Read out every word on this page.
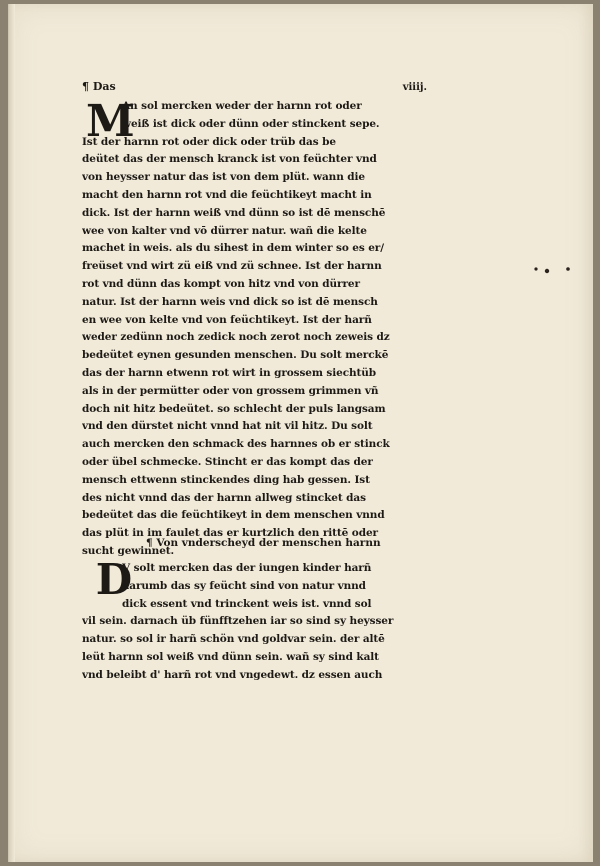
¶ Das	viiij.
M
An sol mercken weder der harnn rot oder
weiß ist dick oder dünn oder stinckent sepe.
Ist der harnn rot oder dick oder trüb das be
deütet das der mensch kranck ist von feüchter vnd
von heysser natur das ist von dem plüt. wann die
macht den harnn rot vnd die feüchtikeyt macht in
dick. Ist der harnn weiß vnd dünn so ist dē menschē
wee von kalter vnd vō dürrer natur. wañ die kelte
machet in weis. als du sihest in dem winter so es er/
freüset vnd wirt zü eiß vnd zü schnee. Ist der harnn
rot vnd dünn das kompt von hitz vnd von dürrer
natur. Ist der harnn weis vnd dick so ist dē mensch
en wee von kelte vnd von feüchtikeyt. Ist der harñ
weder zedünn noch zedick noch zerot noch zeweis dz
bedeütet eynen gesunden menschen. Du solt merckē
das der harnn etwenn rot wirt in grossem siechtüb
als in der permütter oder von grossem grimmen vñ
doch nit hitz bedeütet. so schlecht der puls langsam
vnd den dürstet nicht vnnd hat nit vil hitz. Du solt
auch mercken den schmack des harnnes ob er stinck
oder übel schmecke. Stincht er das kompt das der
mensch ettwenn stinckendes ding hab gessen. Ist
des nicht vnnd das der harnn allweg stincket das
bedeütet das die feüchtikeyt in dem menschen vnnd
das plüt in im faulet das er kurtzlich den rittē oder
sucht gewinnet.
¶ Von vnderscheyd der menschen harnn
D
V solt mercken das der iungen kinder harñ
darumb das sy feücht sind von natur vnnd
dick essent vnd trinckent weis ist. vnnd sol
vil sein. darnach üb fünfftzehen iar so sind sy heysser
natur. so sol ir harñ schön vnd goldvar sein. der altē
leüt harnn sol weiß vnd dünn sein. wañ sy sind kalt
vnd beleibt d' harñ rot vnd vngedewt. dz essen auch
